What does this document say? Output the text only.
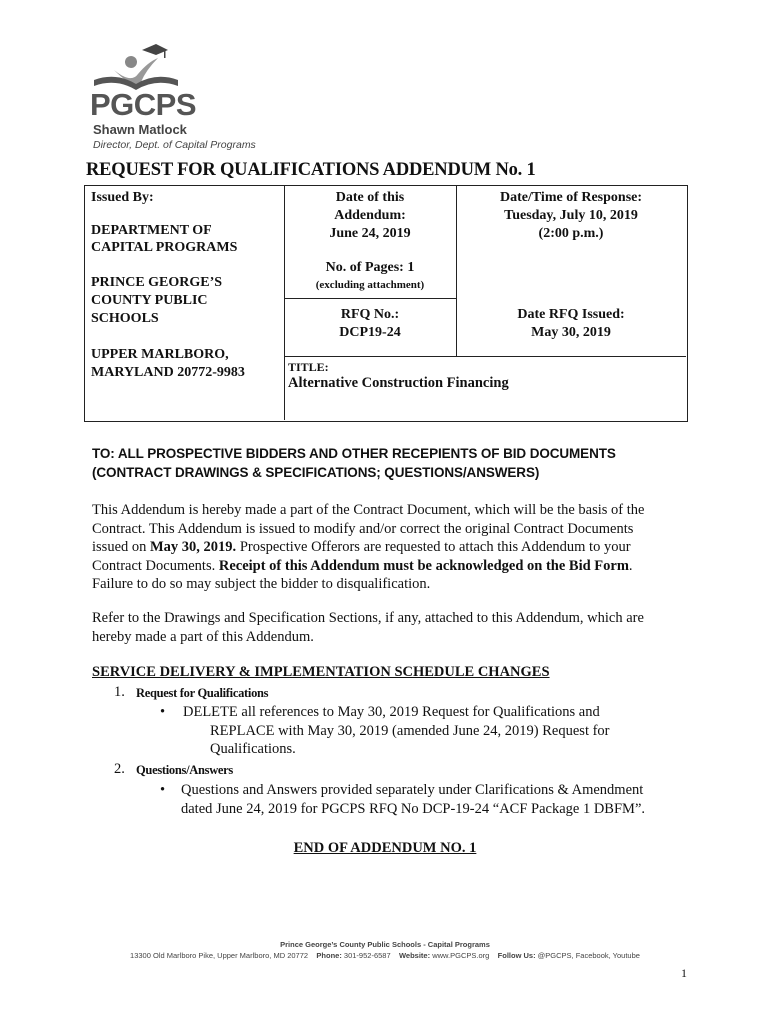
PGCPS
Shawn Matlock
Director, Dept. of Capital Programs
REQUEST FOR QUALIFICATIONS ADDENDUM No. 1
Issued By:
DEPARTMENT OF CAPITAL PROGRAMS
PRINCE GEORGE’S
COUNTY PUBLIC
SCHOOLS
UPPER MARLBORO,
MARYLAND 20772-9983
Date of this
Addendum:
June 24, 2019
No. of Pages: 1
(excluding attachment)
Date/Time of Response:
Tuesday, July 10, 2019
(2:00 p.m.)
RFQ No.:
DCP19-24
Date RFQ Issued:
May 30, 2019
TITLE:
Alternative Construction Financing
TO: ALL PROSPECTIVE BIDDERS AND OTHER RECEPIENTS OF BID DOCUMENTS
(CONTRACT DRAWINGS & SPECIFICATIONS; QUESTIONS/ANSWERS)
This Addendum is hereby made a part of the Contract Document, which will be the basis of the
Contract. This Addendum is issued to modify and/or correct the original Contract Documents
issued on May 30, 2019. Prospective Offerors are requested to attach this Addendum to your
Contract Documents. Receipt of this Addendum must be acknowledged on the Bid Form.
Failure to do so may subject the bidder to disqualification.
Refer to the Drawings and Specification Sections, if any, attached to this Addendum, which are
hereby made a part of this Addendum.
SERVICE DELIVERY & IMPLEMENTATION SCHEDULE CHANGES
1. Request for Qualifications
• DELETE all references to May 30, 2019 Request for Qualifications and
REPLACE with May 30, 2019 (amended June 24, 2019) Request for
Qualifications.
2. Questions/Answers
• Questions and Answers provided separately under Clarifications & Amendment
dated June 24, 2019 for PGCPS RFQ No DCP-19-24 “ACF Package 1 DBFM”.
END OF ADDENDUM NO. 1
Prince George’s County Public Schools - Capital Programs
13300 Old Marlboro Pike, Upper Marlboro, MD 20772 Phone: 301-952-6587 Website: www.PGCPS.org Follow Us: @PGCPS, Facebook, Youtube
1
